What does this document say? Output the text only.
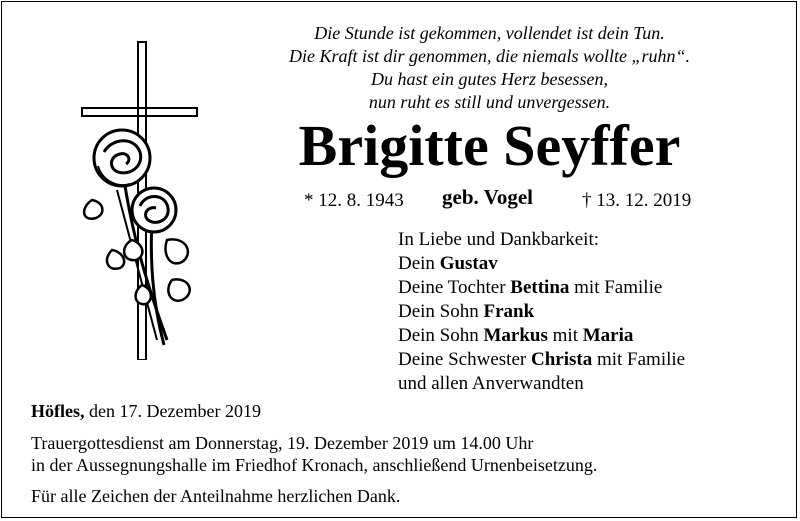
Die Stunde ist gekommen, vollendet ist dein Tun.
Die Kraft ist dir genommen, die niemals wollte „ruhn“.
Du hast ein gutes Herz besessen,
nun ruht es still und unvergessen.
Brigitte Seyffer
* 12. 8. 1943 geb. Vogel	† 13. 12. 2019
In Liebe und Dankbarkeit:
Dein Gustav
Deine Tochter Bettina mit Familie
Dein Sohn Frank
Dein Sohn Markus mit Maria
Deine Schwester Christa mit Familie
und allen Anverwandten
Höfles, den 17. Dezember 2019
Trauergottesdienst am Donnerstag, 19. Dezember 2019 um 14.00 Uhr
in der Aussegnungshalle im Friedhof Kronach, anschließend Urnenbeisetzung.
Für alle Zeichen der Anteilnahme herzlichen Dank.
